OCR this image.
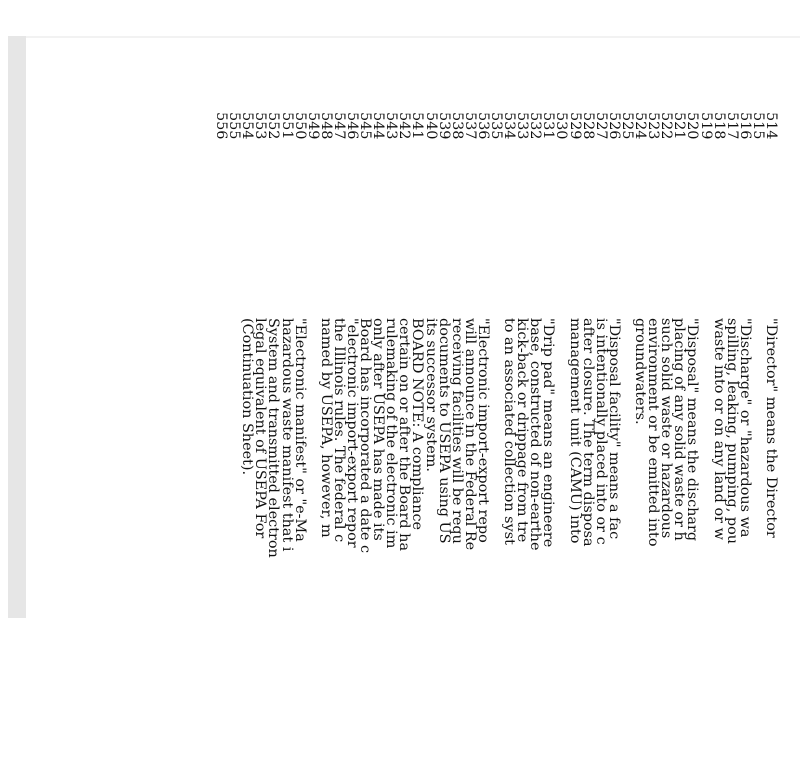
514
515
516
517
518
519
520
521
522
523
524
525
526
527
528
529
530
531
532
533
534
535
536
537
538
539
540
541
542
543
544
545
546
547
548
549
550
551
552
553
554
555
556

"Director" means the Director
"Discharge" or "hazardous wa
spilling, leaking, pumping, pou
waste into or on any land or w
"Disposal" means the discharg
placing of any solid waste or h
such solid waste or hazardous
environment or be emitted into
groundwaters.
"Disposal facility" means a fac
is intentionally placed into or c
after closure. The term disposa
management unit (CAMU) into
"Drip pad" means an engineere
base, constructed of non-earthe
kick-back or drippage from tre
to an associated collection syst
"Electronic import-export repo
will announce in the Federal Re
receiving facilities will be requ
documents to USEPA using US
its successor system.
BOARD NOTE: A compliance
certain on or after the Board ha
rulemaking of the electronic im
only after USEPA has made its
Board has incorporated a date c
"electronic import-export repor
the Illinois rules. The federal c
named by USEPA, however, m
"Electronic manifest" or "e-Ma
hazardous waste manifest that i
System and transmitted electron
legal equivalent of USEPA For
(Continuation Sheet).
